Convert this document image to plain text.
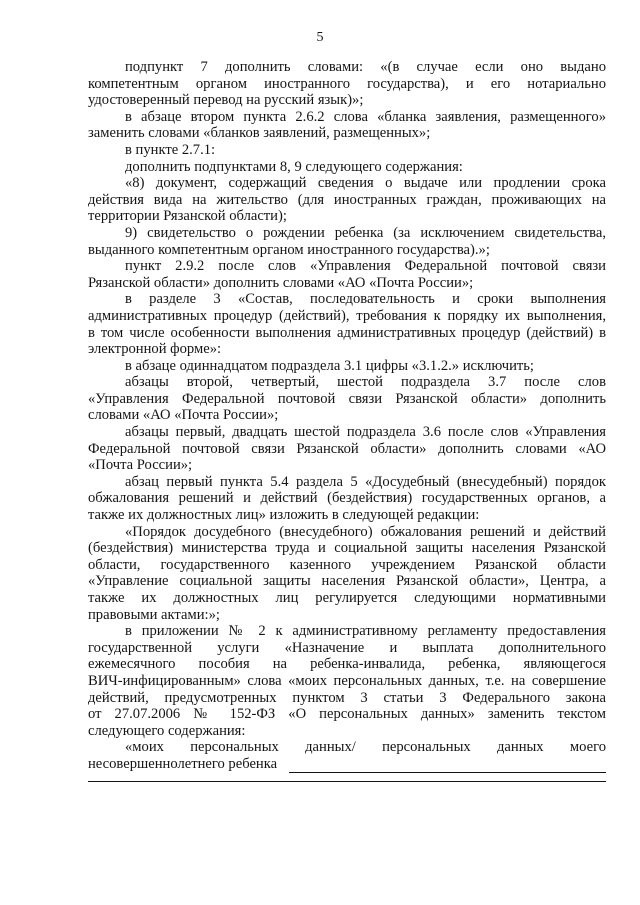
5
подпункт 7 дополнить словами: «(в случае если оно выдано
компетентным органом иностранного государства), и его нотариально
удостоверенный перевод на русский язык)»;
в абзаце втором пункта 2.6.2 слова «бланка заявления, размещенного»
заменить словами «бланков заявлений, размещенных»;
в пункте 2.7.1:
дополнить подпунктами 8, 9 следующего содержания:
«8) документ, содержащий сведения о выдаче или продлении срока
действия вида на жительство (для иностранных граждан, проживающих на
территории Рязанской области);
9) свидетельство о рождении ребенка (за исключением свидетельства,
выданного компетентным органом иностранного государства).»;
пункт 2.9.2 после слов «Управления Федеральной почтовой связи
Рязанской области» дополнить словами «АО «Почта России»;
в разделе 3 «Состав, последовательность и сроки выполнения
административных процедур (действий), требования к порядку их выполнения,
в том числе особенности выполнения административных процедур (действий) в
электронной форме»:
в абзаце одиннадцатом подраздела 3.1 цифры «3.1.2.» исключить;
абзацы второй, четвертый, шестой подраздела 3.7 после слов
«Управления Федеральной почтовой связи Рязанской области» дополнить
словами «АО «Почта России»;
абзацы первый, двадцать шестой подраздела 3.6 после слов «Управления
Федеральной почтовой связи Рязанской области» дополнить словами «АО
«Почта России»;
абзац первый пункта 5.4 раздела 5 «Досудебный (внесудебный) порядок
обжалования решений и действий (бездействия) государственных органов, а
также их должностных лиц» изложить в следующей редакции:
«Порядок досудебного (внесудебного) обжалования решений и действий
(бездействия) министерства труда и социальной защиты населения Рязанской
области, государственного казенного учреждением Рязанской области
«Управление социальной защиты населения Рязанской области», Центра, а
также их должностных лиц регулируется следующими нормативными
правовыми актами:»;
в приложении № 2 к административному регламенту предоставления
государственной услуги «Назначение и выплата дополнительного
ежемесячного пособия на ребенка-инвалида, ребенка, являющегося
ВИЧ-инфицированным» слова «моих персональных данных, т.е. на совершение
действий, предусмотренных пунктом 3 статьи 3 Федерального закона
от 27.07.2006 № 152-ФЗ «О персональных данных» заменить текстом
следующего содержания:
«моих персональных данных/ персональных данных моего
несовершеннолетнего ребенка
